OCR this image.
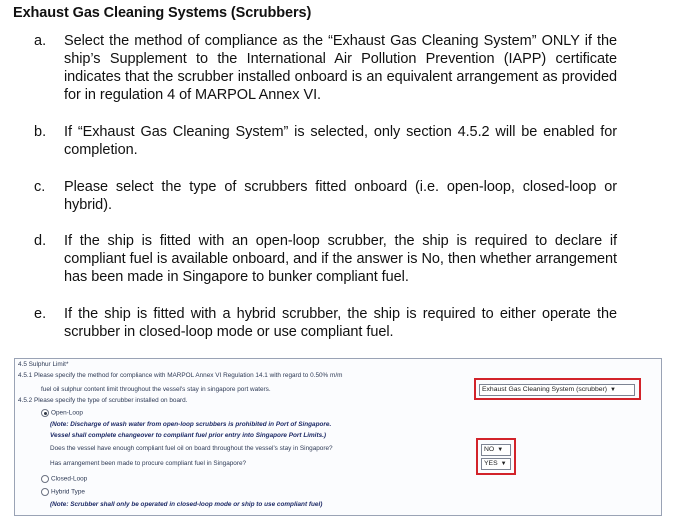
Exhaust Gas Cleaning Systems (Scrubbers)
a. Select the method of compliance as the “Exhaust Gas Cleaning System” ONLY if the ship’s Supplement to the International Air Pollution Prevention (IAPP) certificate indicates that the scrubber installed onboard is an equivalent arrangement as provided for in regulation 4 of MARPOL Annex VI.
b. If “Exhaust Gas Cleaning System” is selected, only section 4.5.2 will be enabled for completion.
c. Please select the type of scrubbers fitted onboard (i.e. open-loop, closed-loop or hybrid).
d. If the ship is fitted with an open-loop scrubber, the ship is required to declare if compliant fuel is available onboard, and if the answer is No, then whether arrangement has been made in Singapore to bunker compliant fuel.
e. If the ship is fitted with a hybrid scrubber, the ship is required to either operate the scrubber in closed-loop mode or use compliant fuel.
4.5 Sulphur Limit*
4.5.1 Please specify the method for compliance with MARPOL Annex VI Regulation 14.1 with regard to 0.50% m/m
fuel oil sulphur content limit throughout the vessel's stay in singapore port waters.
4.5.2 Please specify the type of scrubber installed on board.
Exhaust Gas Cleaning System (scrubber) ▼
Open-Loop
(Note: Discharge of wash water from open-loop scrubbers is prohibited in Port of Singapore.
Vessel shall complete changeover to compliant fuel prior entry into Singapore Port Limits.)
Does the vessel have enough compliant fuel oil on board throughout the vessel's stay in Singapore?
Has arrangement been made to procure compliant fuel in Singapore?
NO ▼
YES ▼
Closed-Loop
Hybrid Type
(Note: Scrubber shall only be operated in closed-loop mode or ship to use compliant fuel)
